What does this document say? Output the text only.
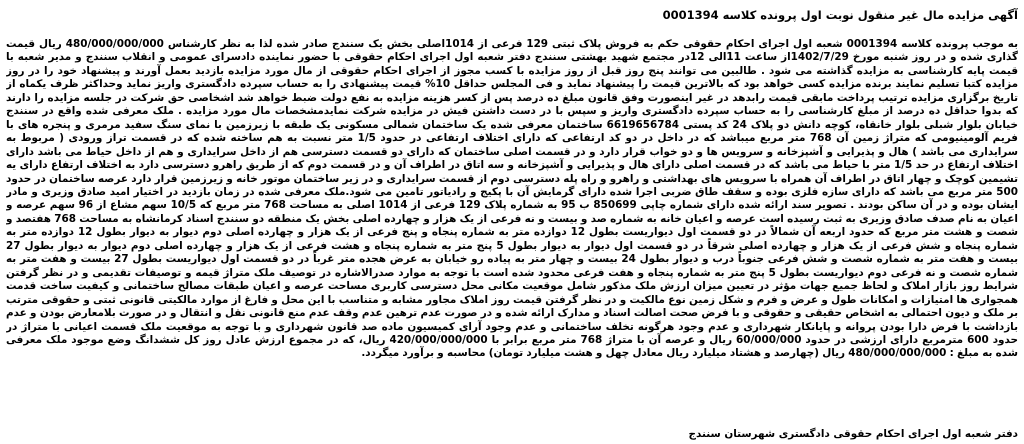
آگهی مزایده مال غیر منقول نوبت اول پرونده کلاسه 0001394
به موجب پرونده کلاسه 0001394 شعبه اول اجرای احکام حقوقی حکم به فروش پلاک ثبتی 129 فرعی از 1014اصلی بخش یک سنندج صادر شده لذا به نظر کارشناس 480/000/000/000 ریال قیمت گذاری شده و در روز شنبه مورخ 1402/7/29از ساعت 11الی 12در مجتمع شهید بهشتی سنندج دفتر شعبه اول اجرای احکام حقوقی با حضور نماینده دادسرای عمومی و انقلاب سنندج و مدیر شعبه با قیمت پایه کارشناسی به مزایده گذاشته می شود . طالبین می توانند پنج روز قبل از روز مزایده با کسب مجوز از اجرای احکام حقوقی از مال مورد مزایده بازدید بعمل آورند و پیشنهاد خود را در روز مزایده کتبا تسلیم نمایند برنده مزایده کسی خواهد بود که بالاترین قیمت را پیشنهاد نماید و فی المجلس حداقل 10% قیمت پیشنهادی را به حساب سپرده دادگستری واریز نماید وحداکثر ظرف یکماه از تاریخ برگزاری مزایده ترتیب پرداخت مابقی قیمت رابدهد در غیر اینصورت وفق قانون مبلغ ده درصد پس از کسر هزینه مزایده به نفع دولت ضبط خواهد شد اشخاصی حق شرکت در جلسه مزایده را دارند که بدوا حداقل ده درصد از مبلغ کارشناسی را به حساب سپرده دادگستری واریز و سپس با در دست داشتن فیش در مزایده شرکت نمایدمشخصات مال مورد مزایده . ملک معرفی شده واقع در سنندج خیابان بلوار شبلی بلوار خانقاه، کوچه دانش دو پلاک 24 کد پستی 6619656784 ساختمان معرفی شده یک ساختمان شمالی مسکونی یک طبقه با زیرزمین با نمای سنگ سفید مرمری و پنجره های با فریم آلومینیومی که متراژ زمین آن 768 متر مربع میباشد که در داخل در دو کد ارتفاعی که دارای اختلاف ارتفاعی در حدود 1/5 متر نسبت به هم ساخته شده که در قسمت تراز ورودی ( مربوط به سرایداری می باشد ) هال و پذیرایی و آشپزخانه و سرویس ها و دو خواب قرار دارد و در قسمت اصلی ساختمان که دارای دو قسمت دسترسی هم از داخل سرایداری و هم از داخل حیاط می باشد دارای اختلاف ارتفاع در حد 1/5 متر با حیاط می باشد که در قسمت اصلی دارای هال و پذیرایی و آشپزخانه و سه اتاق در اطراف آن و در قسمت دوم که از طریق راهرو دسترسی دارد به اختلاف ارتفاع دارای یه تشیمین کوچک و چهار اتاق در اطراف آن همراه با سرویس های بهداشتی و راهرو و راه پله دسترسی دوم از قسمت سرایداری و در زیر ساختمان موتور خانه و زیرزمین قرار دارد عرصه ساختمان در حدود 500 متر مربع می باشد که دارای سازه فلزی بوده و سقف طاق ضربی اجرا شده دارای گرمایش آن با پکیج و رادیاتور تامین می شود.ملک معرفی شده در زمان بازدید در اختیار امید صادق وزیری و مادر ایشان بوده و در آن ساکن بودند . تصویر سند ارائه شده دارای شماره چاپی 850699 ب 95 به شماره پلاک 129 فرعی از 1014 اصلی به مساحت 768 متر مربع که 10/5 سهم مشاع از 96 سهم عرصه و اعیان به نام صدف صادق وزیری به ثبت رسیده است عرصه و اعیان خانه به شماره صد و بیست و نه فرعی از یک هزار و چهارده اصلی بخش یک منطقه دو سنندج اسناد کرمانشاه به مساحت 768 هفتصد و شصت و هشت متر مربع که حدود اربعه آن شمالاً در دو قسمت اول دیواریست بطول 12 دوازده متر به شماره پنجاه و پنج فرعی از یک هزار و چهارده اصلی دوم دیوار به دیوار بطول 12 دوازده متر به شماره پنجاه و شش فرعی از یک هزار و چهارده اصلی شرقاً در دو قسمت اول دیوار به دیوار بطول 5 پنج متر به شماره پنجاه و هشت فرعی از یک هزار و چهارده اصلی دوم دیوار به دیوار بطول 27 بیست و هفت متر به شماره شصت و شش فرعی جنوباً درب و دیوار بطول 24 بیست و چهار متر به پیاده رو خیابان به عرض هجده متر غرباً در دو قسمت اول دیواریست بطول 27 بیست و هفت متر به شماره شصت و نه فرعی دوم دیواریست بطول 5 پنج متر به شماره پنجاه و هفت فرعی محدود شده است با توجه به موارد صدرالاشاره در توصیف ملک متراژ قیمه و توصیفات تقدیمی و در نظر گرفتن شرایط روز بازار املاک و لحاظ جمیع جهات مؤثر در تعیین میزان ارزش ملک مذکور شامل موقعیت مکانی محل دسترسی کاربری مساحت عرصه و اعیان طبقات مصالح ساختمانی و کیفیت ساخت قدمت همجواری ها امتیازات و امکانات طول و عرض و فرم و شکل زمین نوع مالکیت و در نظر گرفتن قیمت روز املاک مجاور مشابه و متناسب با این محل و فارغ از موارد مالکیتی قانونی ثبتی و حقوقی مترتب بر ملک و دیون احتمالی به اشخاص حقیقی و حقوقی و با فرض صحت اصالت اسناد و مدارک ارائه شده و در صورت عدم ترهین عدم وقف عدم منع قانونی نقل و انتقال و در صورت بلامعارض بودن و عدم بازداشت با فرض دارا بودن پروانه و پایانکار شهرداری و عدم وجود هرگونه تخلف ساختمانی و عدم وجود آرای کمیسیون ماده صد قانون شهرداری و با توجه به موقعیت ملک قسمت اعیانی با متراژ در حدود 600 مترمربع دارای ارزشی در حدود 60/000/000 ریال و عرصه آن با متراژ 768 متر مربع برابر با 420/000/000/000 ریال، که در مجموع ارزش عادل روز کل ششدانگ وضع موجود ملک معرفی شده به مبلغ : 480/000/000/000 ریال (چهارصد و هشتاد میلیارد ریال معادل چهل و هشت میلیارد تومان) محاسبه و برآورد میگردد.
دفتر شعبه اول اجرای احکام حقوقی دادگستری شهرستان سنندج
